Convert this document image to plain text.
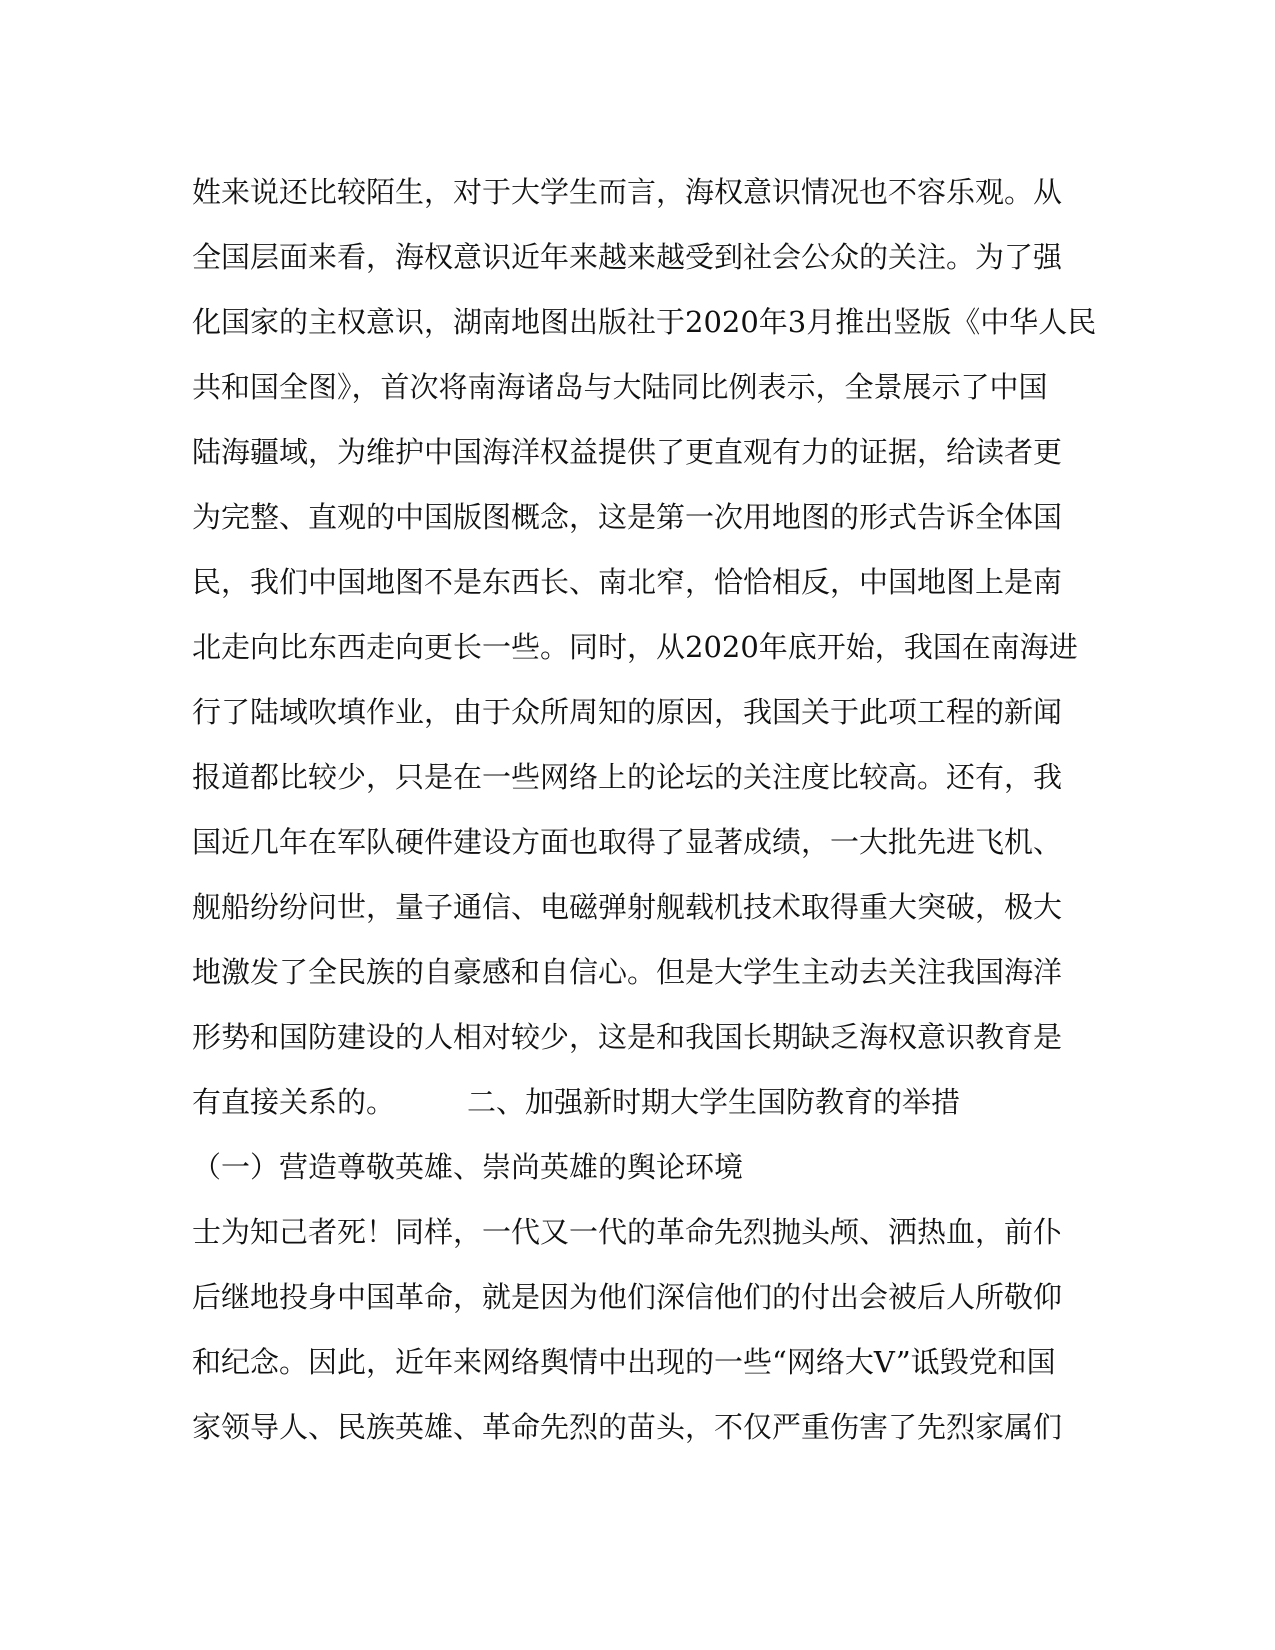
姓来说还比较陌生，对于大学生而言，海权意识情况也不容乐观。从
全国层面来看，海权意识近年来越来越受到社会公众的关注。为了强
化国家的主权意识，湖南地图出版社于2020年3月推出竖版《中华人民
共和国全图》，首次将南海诸岛与大陆同比例表示，全景展示了中国
陆海疆域，为维护中国海洋权益提供了更直观有力的证据，给读者更
为完整、直观的中国版图概念，这是第一次用地图的形式告诉全体国
民，我们中国地图不是东西长、南北窄，恰恰相反，中国地图上是南
北走向比东西走向更长一些。同时，从2020年底开始，我国在南海进
行了陆域吹填作业，由于众所周知的原因，我国关于此项工程的新闻
报道都比较少，只是在一些网络上的论坛的关注度比较高。还有，我
国近几年在军队硬件建设方面也取得了显著成绩，一大批先进飞机、
舰船纷纷问世，量子通信、电磁弹射舰载机技术取得重大突破，极大
地激发了全民族的自豪感和自信心。但是大学生主动去关注我国海洋
形势和国防建设的人相对较少，这是和我国长期缺乏海权意识教育是
有直接关系的。 二、加强新时期大学生国防教育的举措
（一）营造尊敬英雄、崇尚英雄的舆论环境
士为知己者死！同样，一代又一代的革命先烈抛头颅、洒热血，前仆
后继地投身中国革命，就是因为他们深信他们的付出会被后人所敬仰
和纪念。因此，近年来网络舆情中出现的一些“网络大V”诋毁党和国
家领导人、民族英雄、革命先烈的苗头，不仅严重伤害了先烈家属们
